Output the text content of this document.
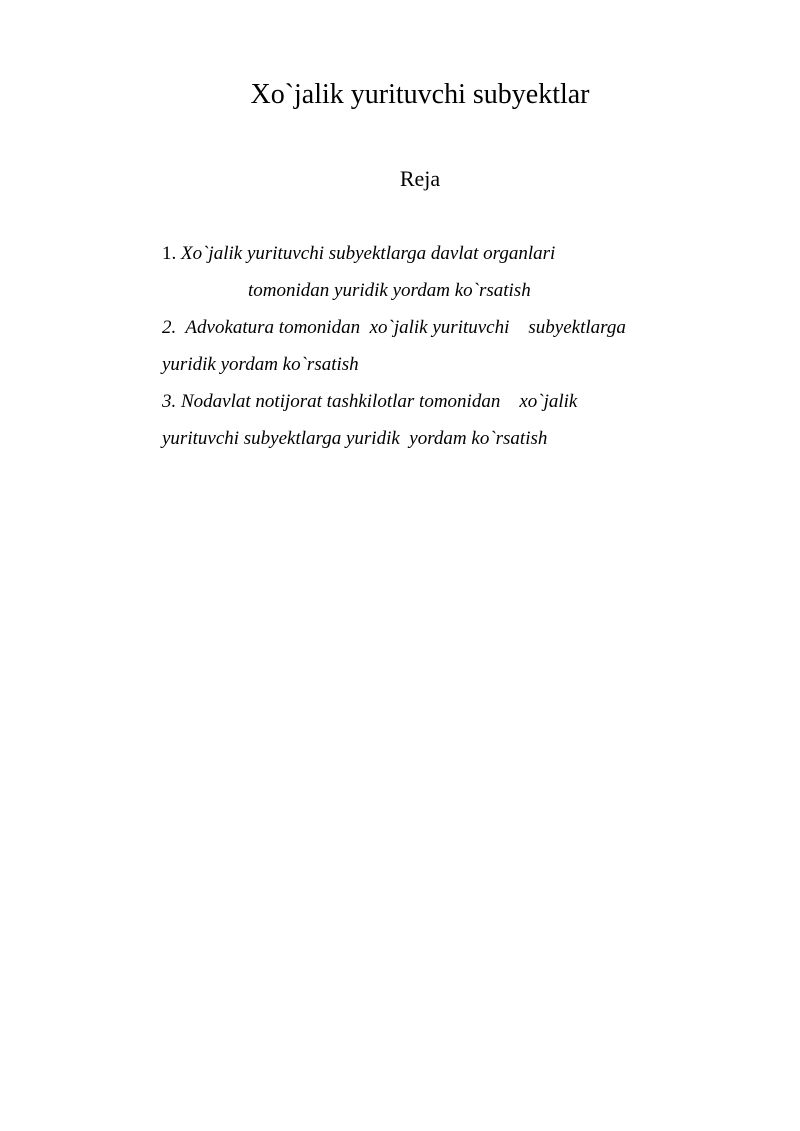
Xo`jalik yurituvchi subyektlar
Reja
1. Xo`jalik yurituvchi subyektlarga davlat organlari
tomonidan yuridik yordam ko`rsatish
2.  Advokatura tomonidan  xo`jalik yurituvchi    subyektlarga
yuridik yordam ko`rsatish
3. Nodavlat notijorat tashkilotlar tomonidan    xo`jalik
yurituvchi subyektlarga yuridik  yordam ko`rsatish
